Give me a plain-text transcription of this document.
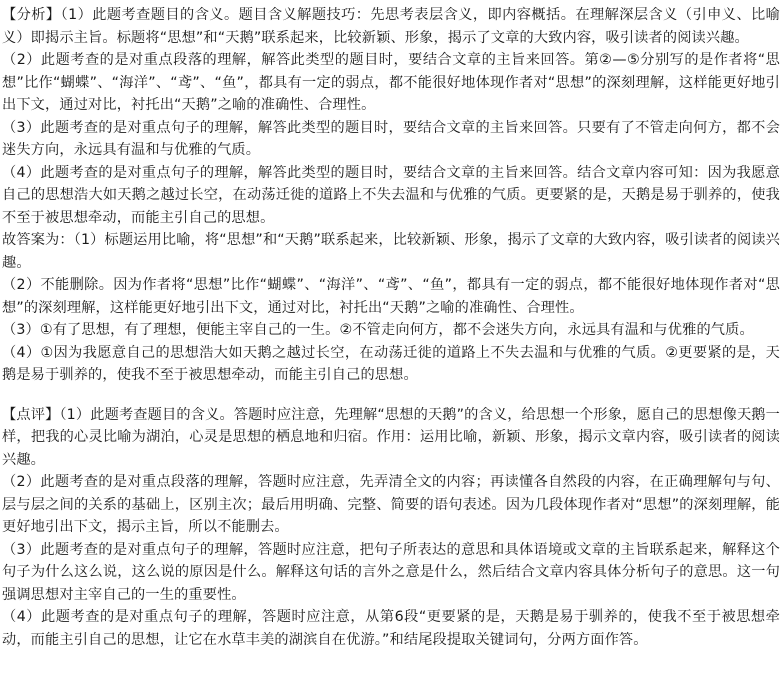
【分析】（1）此题考查题目的含义。题目含义解题技巧：先思考表层含义，即内容概括。在理解深层含义（引申义、比喻义）即揭示主旨。标题将“思想”和“天鹅”联系起来，比较新颖、形象，揭示了文章的大致内容，吸引读者的阅读兴趣。

（2）此题考查的是对重点段落的理解，解答此类型的题目时，要结合文章的主旨来回答。第②—⑤分别写的是作者将“思想”比作“蝴蝶”、“海洋”、“鸢”、“鱼”，都具有一定的弱点，都不能很好地体现作者对“思想”的深刻理解，这样能更好地引出下文，通过对比，衬托出“天鹅”之喻的准确性、合理性。

（3）此题考查的是对重点句子的理解，解答此类型的题目时，要结合文章的主旨来回答。只要有了不管走向何方，都不会迷失方向，永远具有温和与优雅的气质。

（4）此题考查的是对重点句子的理解，解答此类型的题目时，要结合文章的主旨来回答。结合文章内容可知：因为我愿意自己的思想浩大如天鹅之越过长空，在动荡迁徙的道路上不失去温和与优雅的气质。更要紧的是，天鹅是易于驯养的，使我不至于被思想牵动，而能主引自己的思想。

故答案为：（1）标题运用比喻，将“思想”和“天鹅”联系起来，比较新颖、形象，揭示了文章的大致内容，吸引读者的阅读兴趣。

（2）不能删除。因为作者将“思想”比作“蝴蝶”、“海洋”、“鸢”、“鱼”，都具有一定的弱点，都不能很好地体现作者对“思想”的深刻理解，这样能更好地引出下文，通过对比，衬托出“天鹅”之喻的准确性、合理性。

（3）①有了思想，有了理想，便能主宰自己的一生。②不管走向何方，都不会迷失方向，永远具有温和与优雅的气质。

（4）①因为我愿意自己的思想浩大如天鹅之越过长空，在动荡迁徙的道路上不失去温和与优雅的气质。②更要紧的是，天鹅是易于驯养的，使我不至于被思想牵动，而能主引自己的思想。

【点评】（1）此题考查题目的含义。答题时应注意，先理解“思想的天鹅”的含义，给思想一个形象，愿自己的思想像天鹅一样，把我的心灵比喻为湖泊，心灵是思想的栖息地和归宿。作用：运用比喻，新颖、形象，揭示文章内容，吸引读者的阅读兴趣。

（2）此题考查的是对重点段落的理解，答题时应注意，先弄清全文的内容；再读懂各自然段的内容，在正确理解句与句、层与层之间的关系的基础上，区别主次；最后用明确、完整、简要的语句表述。因为几段体现作者对“思想”的深刻理解，能更好地引出下文，揭示主旨，所以不能删去。

（3）此题考查的是对重点句子的理解，答题时应注意，把句子所表达的意思和具体语境或文章的主旨联系起来，解释这个句子为什么这么说，这么说的原因是什么。解释这句话的言外之意是什么，然后结合文章内容具体分析句子的意思。这一句强调思想对主宰自己的一生的重要性。

（4）此题考查的是对重点句子的理解，答题时应注意，从第6段“更要紧的是，天鹅是易于驯养的，使我不至于被思想牵动，而能主引自己的思想，让它在水草丰美的湖滨自在优游。”和结尾段提取关键词句，分两方面作答。
